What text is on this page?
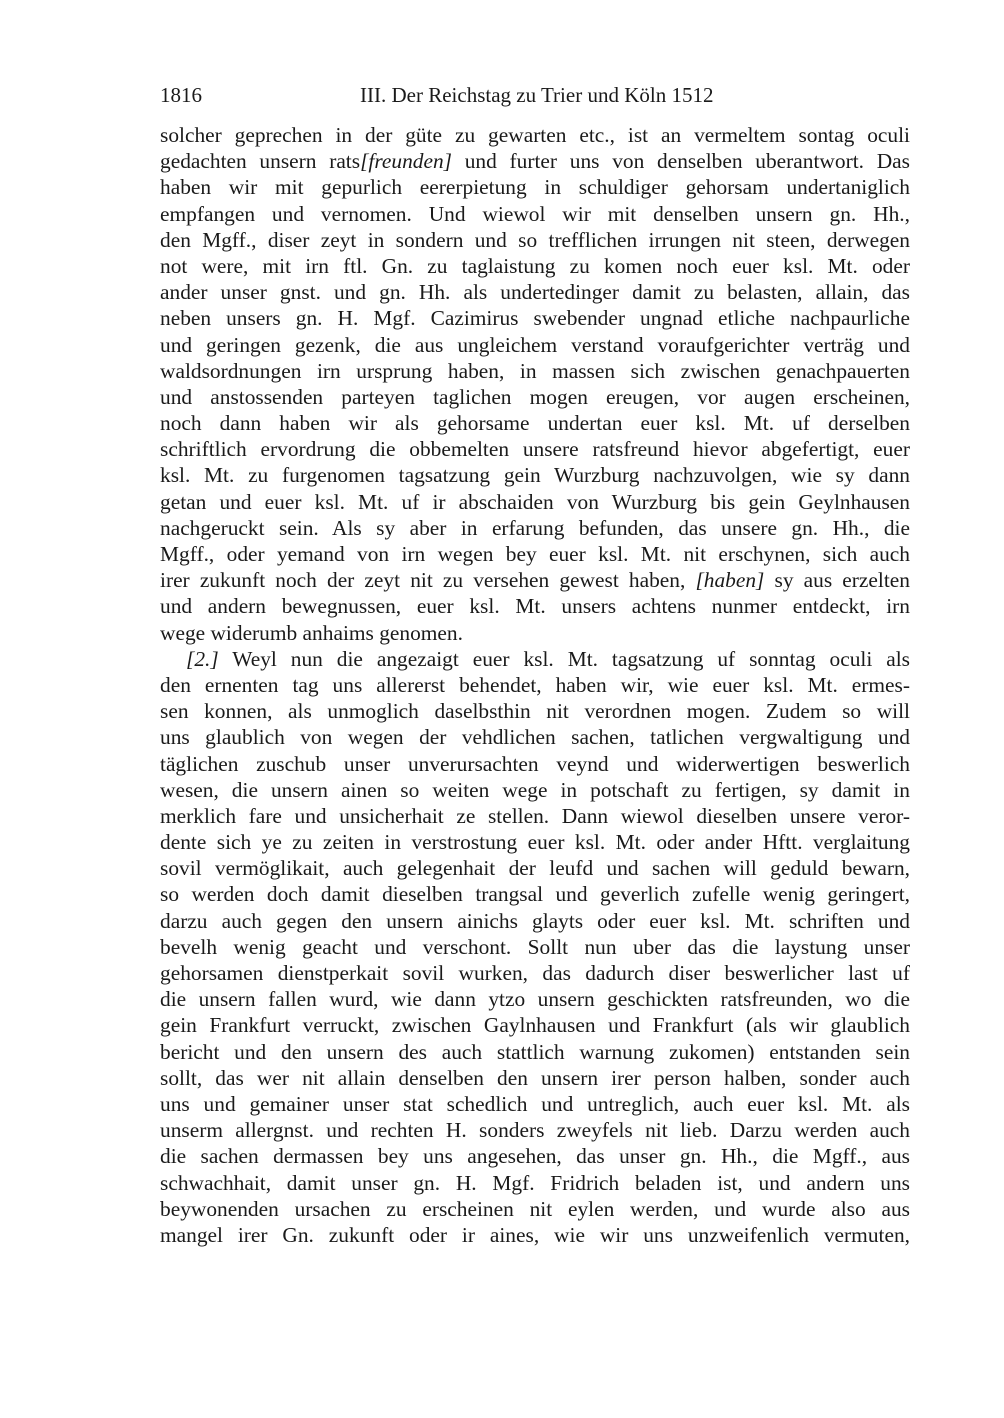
1816	III. Der Reichstag zu Trier und Köln 1512
solcher geprechen in der güte zu gewarten etc., ist an vermeltem sontag oculi
gedachten unsern rats[freunden] und furter uns von denselben uberantwort. Das
haben wir mit gepurlich eererpietung in schuldiger gehorsam undertaniglich
empfangen und vernomen. Und wiewol wir mit denselben unsern gn. Hh.,
den Mgff., diser zeyt in sondern und so trefflichen irrungen nit steen, derwegen
not were, mit irn ftl. Gn. zu taglaistung zu komen noch euer ksl. Mt. oder
ander unser gnst. und gn. Hh. als undertedinger damit zu belasten, allain, das
neben unsers gn. H. Mgf. Cazimirus swebender ungnad etliche nachpaurliche
und geringen gezenk, die aus ungleichem verstand voraufgerichter verträg und
waldsordnungen irn ursprung haben, in massen sich zwischen genachpauerten
und anstossenden parteyen taglichen mogen ereugen, vor augen erscheinen,
noch dann haben wir als gehorsame undertan euer ksl. Mt. uf derselben
schriftlich ervordrung die obbemelten unsere ratsfreund hievor abgefertigt, euer
ksl. Mt. zu furgenomen tagsatzung gein Wurzburg nachzuvolgen, wie sy dann
getan und euer ksl. Mt. uf ir abschaiden von Wurzburg bis gein Geylnhausen
nachgeruckt sein. Als sy aber in erfarung befunden, das unsere gn. Hh., die
Mgff., oder yemand von irn wegen bey euer ksl. Mt. nit erschynen, sich auch
irer zukunft noch der zeyt nit zu versehen gewest haben, [haben] sy aus erzelten
und andern bewegnussen, euer ksl. Mt. unsers achtens nunmer entdeckt, irn
wege widerumb anhaims genomen.
[2.] Weyl nun die angezaigt euer ksl. Mt. tagsatzung uf sonntag oculi als
den ernenten tag uns allererst behendet, haben wir, wie euer ksl. Mt. ermes-
sen konnen, als unmoglich daselbsthin nit verordnen mogen. Zudem so will
uns glaublich von wegen der vehdlichen sachen, tatlichen vergwaltigung und
täglichen zuschub unser unverursachten veynd und widerwertigen beswerlich
wesen, die unsern ainen so weiten wege in potschaft zu fertigen, sy damit in
merklich fare und unsicherhait ze stellen. Dann wiewol dieselben unsere veror-
dente sich ye zu zeiten in verstrostung euer ksl. Mt. oder ander Hftt. verglaitung
sovil vermöglikait, auch gelegenhait der leufd und sachen will geduld bewarn,
so werden doch damit dieselben trangsal und geverlich zufelle wenig geringert,
darzu auch gegen den unsern ainichs glayts oder euer ksl. Mt. schriften und
bevelh wenig geacht und verschont. Sollt nun uber das die laystung unser
gehorsamen dienstperkait sovil wurken, das dadurch diser beswerlicher last uf
die unsern fallen wurd, wie dann ytzo unsern geschickten ratsfreunden, wo die
gein Frankfurt verruckt, zwischen Gaylnhausen und Frankfurt (als wir glaublich
bericht und den unsern des auch stattlich warnung zukomen) entstanden sein
sollt, das wer nit allain denselben den unsern irer person halben, sonder auch
uns und gemainer unser stat schedlich und untreglich, auch euer ksl. Mt. als
unserm allergnst. und rechten H. sonders zweyfels nit lieb. Darzu werden auch
die sachen dermassen bey uns angesehen, das unser gn. Hh., die Mgff., aus
schwachhait, damit unser gn. H. Mgf. Fridrich beladen ist, und andern uns
beywonenden ursachen zu erscheinen nit eylen werden, und wurde also aus
mangel irer Gn. zukunft oder ir aines, wie wir uns unzweifenlich vermuten,
